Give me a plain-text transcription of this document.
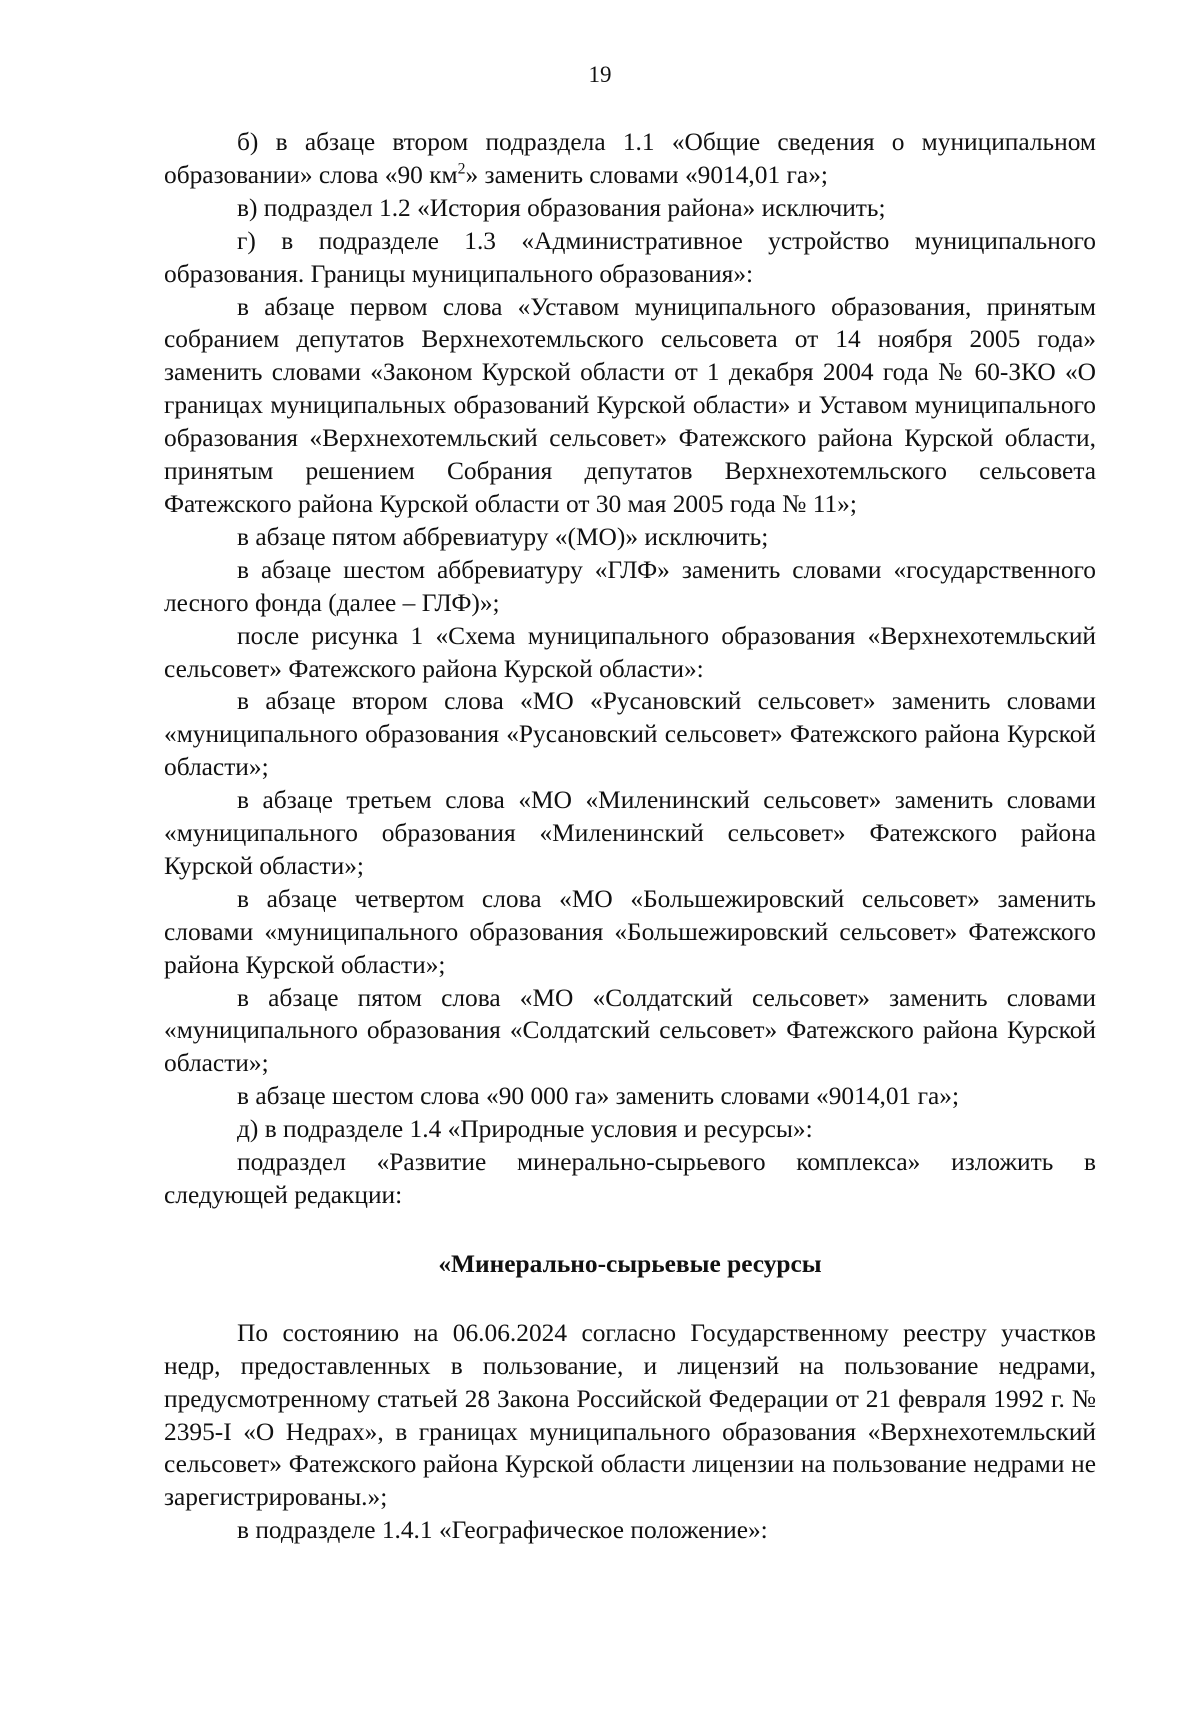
19

б) в абзаце втором подраздела 1.1 «Общие сведения о муниципальном образовании» слова «90 $км^2$» заменить словами «9014,01 га»;

в) подраздел 1.2 «История образования района» исключить;

г) в подразделе 1.3 «Административное устройство муниципального образования. Границы муниципального образования»:

в абзаце первом слова «Уставом муниципального образования, принятым собранием депутатов Верхнехотемльского сельсовета от 14 ноября 2005 года» заменить словами «Законом Курской области от 1 декабря 2004 года № 60-ЗКО «О границах муниципальных образований Курской области» и Уставом муниципального образования «Верхнехотемльский сельсовет» Фатежского района Курской области, принятым решением Собрания депутатов Верхнехотемльского сельсовета Фатежского района Курской области от 30 мая 2005 года № 11»;

в абзаце пятом аббревиатуру «(МО)» исключить;

в абзаце шестом аббревиатуру «ГЛФ» заменить словами «государственного лесного фонда (далее – ГЛФ)»;

после рисунка 1 «Схема муниципального образования «Верхнехотемльский сельсовет» Фатежского района Курской области»:

в абзаце втором слова «МО «Русановский сельсовет» заменить словами «муниципального образования «Русановский сельсовет» Фатежского района Курской области»;

в абзаце третьем слова «МО «Миленинский сельсовет» заменить словами «муниципального образования «Миленинский сельсовет» Фатежского района Курской области»;

в абзаце четвертом слова «МО «Большежировский сельсовет» заменить словами «муниципального образования «Большежировский сельсовет» Фатежского района Курской области»;

в абзаце пятом слова «МО «Солдатский сельсовет» заменить словами «муниципального образования «Солдатский сельсовет» Фатежского района Курской области»;

в абзаце шестом слова «90 000 га» заменить словами «9014,01 га»;

д) в подразделе 1.4 «Природные условия и ресурсы»:

подраздел «Развитие минерально-сырьевого комплекса» изложить в следующей редакции:

«Минерально-сырьевые ресурсы

По состоянию на 06.06.2024 согласно Государственному реестру участков недр, предоставленных в пользование, и лицензий на пользование недрами, предусмотренному статьей 28 Закона Российской Федерации от 21 февраля 1992 г. № 2395-I «О Недрах», в границах муниципального образования «Верхнехотемльский сельсовет» Фатежского района Курской области лицензии на пользование недрами не зарегистрированы.»;

в подразделе 1.4.1 «Географическое положение»:
